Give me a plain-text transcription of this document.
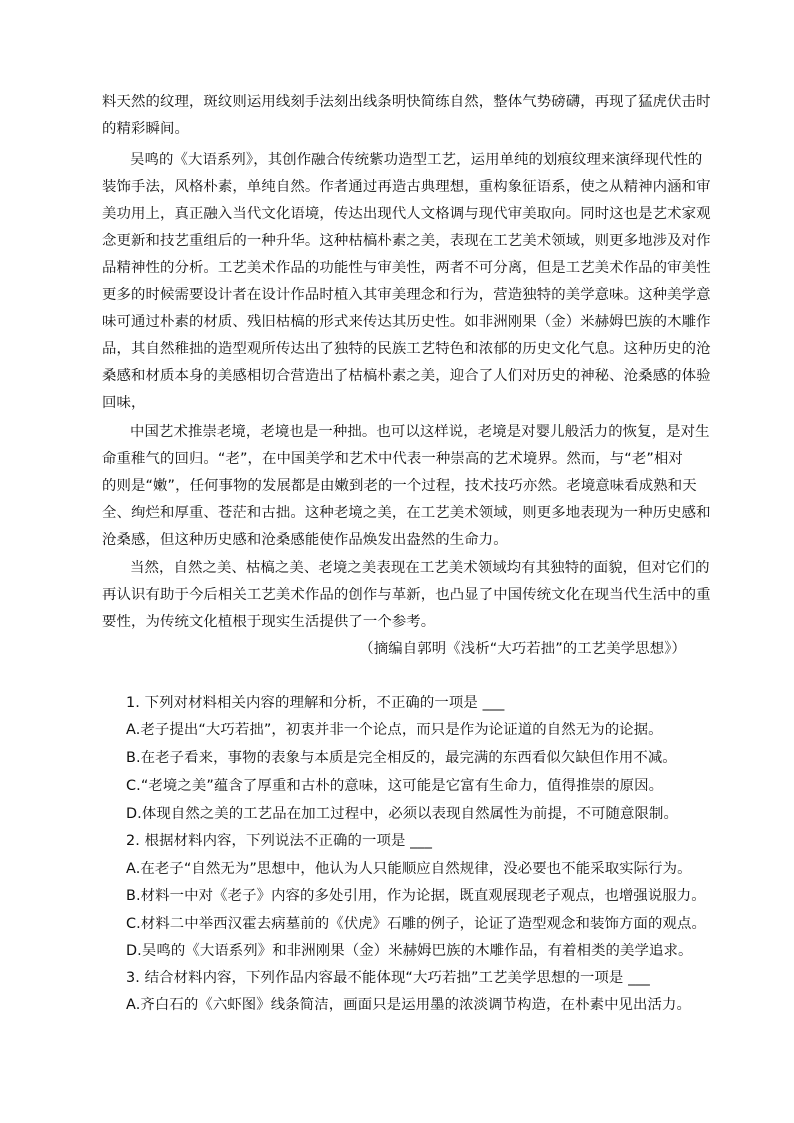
料天然的纹理，斑纹则运用线刻手法刻出线条明快简练自然，整体气势磅礴，再现了猛虎伏击时
的精彩瞬间。
吴鸣的《大语系列》，其创作融合传统紫功造型工艺，运用单纯的划痕纹理来演绎现代性的
装饰手法，风格朴素，单纯自然。作者通过再造古典理想，重构象征语系，使之从精神内涵和审
美功用上，真正融入当代文化语境，传达出现代人文格调与现代审美取向。同时这也是艺术家观
念更新和技艺重组后的一种升华。这种枯槁朴素之美，表现在工艺美术领域，则更多地涉及对作
品精神性的分析。工艺美术作品的功能性与审美性，两者不可分离，但是工艺美术作品的审美性
更多的时候需要设计者在设计作品时植入其审美理念和行为，营造独特的美学意味。这种美学意
味可通过朴素的材质、残旧枯槁的形式来传达其历史性。如非洲刚果（金）米赫姆巴族的木雕作
品，其自然稚拙的造型观所传达出了独特的民族工艺特色和浓郁的历史文化气息。这种历史的沧
桑感和材质本身的美感相切合营造出了枯槁朴素之美，迎合了人们对历史的神秘、沧桑感的体验
回味，
中国艺术推崇老境，老境也是一种拙。也可以这样说，老境是对婴儿般活力的恢复，是对生
命重稚气的回归。“老”，在中国美学和艺术中代表一种崇高的艺术境界。然而，与“老”相对
的则是“嫩”，任何事物的发展都是由嫩到老的一个过程，技术技巧亦然。老境意味看成熟和天
全、绚烂和厚重、苍茫和古拙。这种老境之美，在工艺美术领域，则更多地表现为一种历史感和
沧桑感，但这种历史感和沧桑感能使作品焕发出盎然的生命力。
当然，自然之美、枯槁之美、老境之美表现在工艺美术领域均有其独特的面貌，但对它们的
再认识有助于今后相关工艺美术作品的创作与革新，也凸显了中国传统文化在现当代生活中的重
要性，为传统文化植根于现实生活提供了一个参考。
（摘编自郭明《浅析“大巧若拙”的工艺美学思想》）
1. 下列对材料相关内容的理解和分析，不正确的一项是 ___
A.老子提出“大巧若拙”，初衷并非一个论点，而只是作为论证道的自然无为的论据。
B.在老子看来，事物的表象与本质是完全相反的，最完满的东西看似欠缺但作用不减。
C.“老境之美”蕴含了厚重和古朴的意味，这可能是它富有生命力，值得推崇的原因。
D.体现自然之美的工艺品在加工过程中，必须以表现自然属性为前提，不可随意限制。
2. 根据材料内容，下列说法不正确的一项是 ___
A.在老子“自然无为”思想中，他认为人只能顺应自然规律，没必要也不能采取实际行为。
B.材料一中对《老子》内容的多处引用，作为论据，既直观展现老子观点，也增强说服力。
C.材料二中举西汉霍去病墓前的《伏虎》石雕的例子，论证了造型观念和装饰方面的观点。
D.吴鸣的《大语系列》和非洲刚果（金）米赫姆巴族的木雕作品，有着相类的美学追求。
3. 结合材料内容，下列作品内容最不能体现“大巧若拙”工艺美学思想的一项是 ___
A.齐白石的《六虾图》线条简洁，画面只是运用墨的浓淡调节构造，在朴素中见出活力。
